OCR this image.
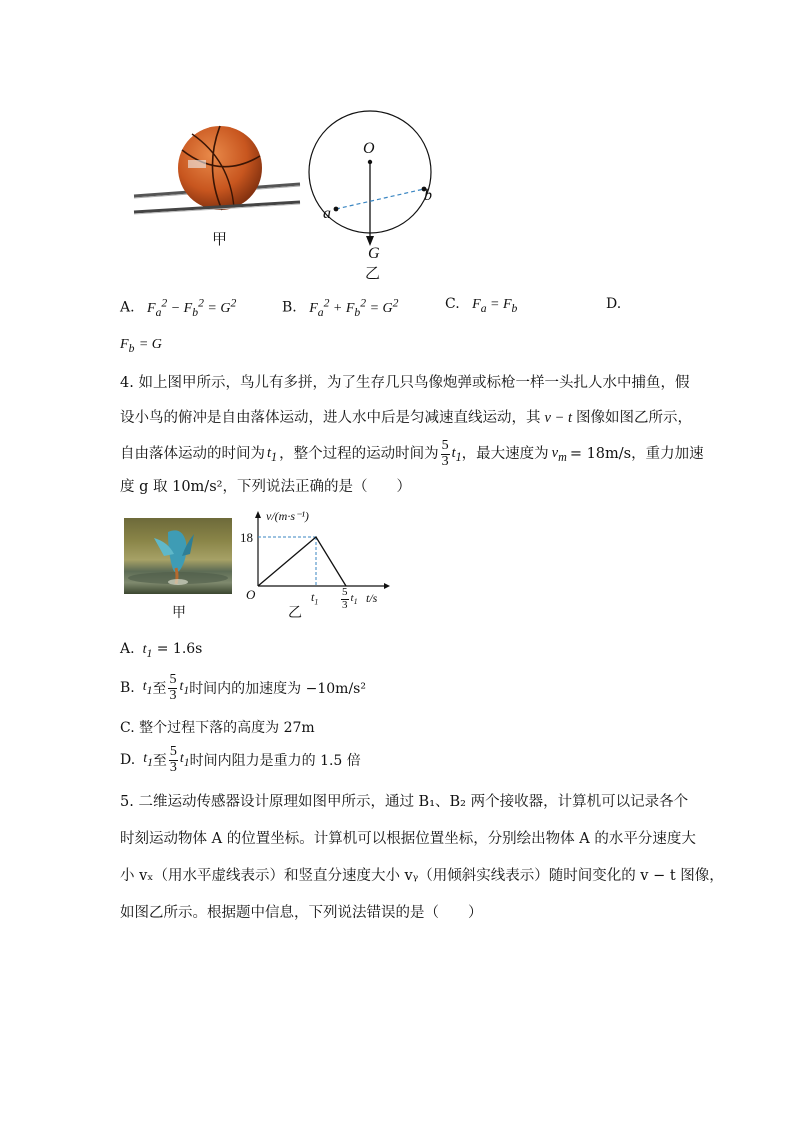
甲
O
a
b
G
乙
A. $F_a^2 - F_b^2 = G^2$	B. $F_a^2 + F_b^2 = G^2$	C. $F_a = F_b$	D.
$F_b = G$
4. 如上图甲所示，鸟儿有多拼，为了生存几只鸟像炮弹或标枪一样一头扎人水中捕鱼，假
设小鸟的俯冲是自由落体运动，进人水中后是匀减速直线运动，其 v − t 图像如图乙所示，
自由落体运动的时间为 $t_1$ ，整个过程的运动时间为 $\frac{5}{3} t_1$ ，最大速度为 $v_m = 18m/s$ ，重力加速
度 g 取 10m/s²，下列说法正确的是（　　）
甲
v/(m·s⁻¹)
18
O	$t_1 \frac{5}{3} t_1$ t/s
乙
A. $t_1 = 1.6s$
B. $t_1$ 至 $\frac{5}{3} t_1$ 时间内的加速度为 −10m/s²
C. 整个过程下落的高度为 27m
D. $t_1$ 至 $\frac{5}{3} t_1$ 时间内阻力是重力的 1.5 倍
5. 二维运动传感器设计原理如图甲所示，通过 B₁、B₂ 两个接收器，计算机可以记录各个
时刻运动物体 A 的位置坐标。计算机可以根据位置坐标，分别绘出物体 A 的水平分速度大
小 vₓ（用水平虚线表示）和竖直分速度大小 vᵧ（用倾斜实线表示）随时间变化的 v − t 图像，
如图乙所示。根据题中信息，下列说法错误的是（　　）
